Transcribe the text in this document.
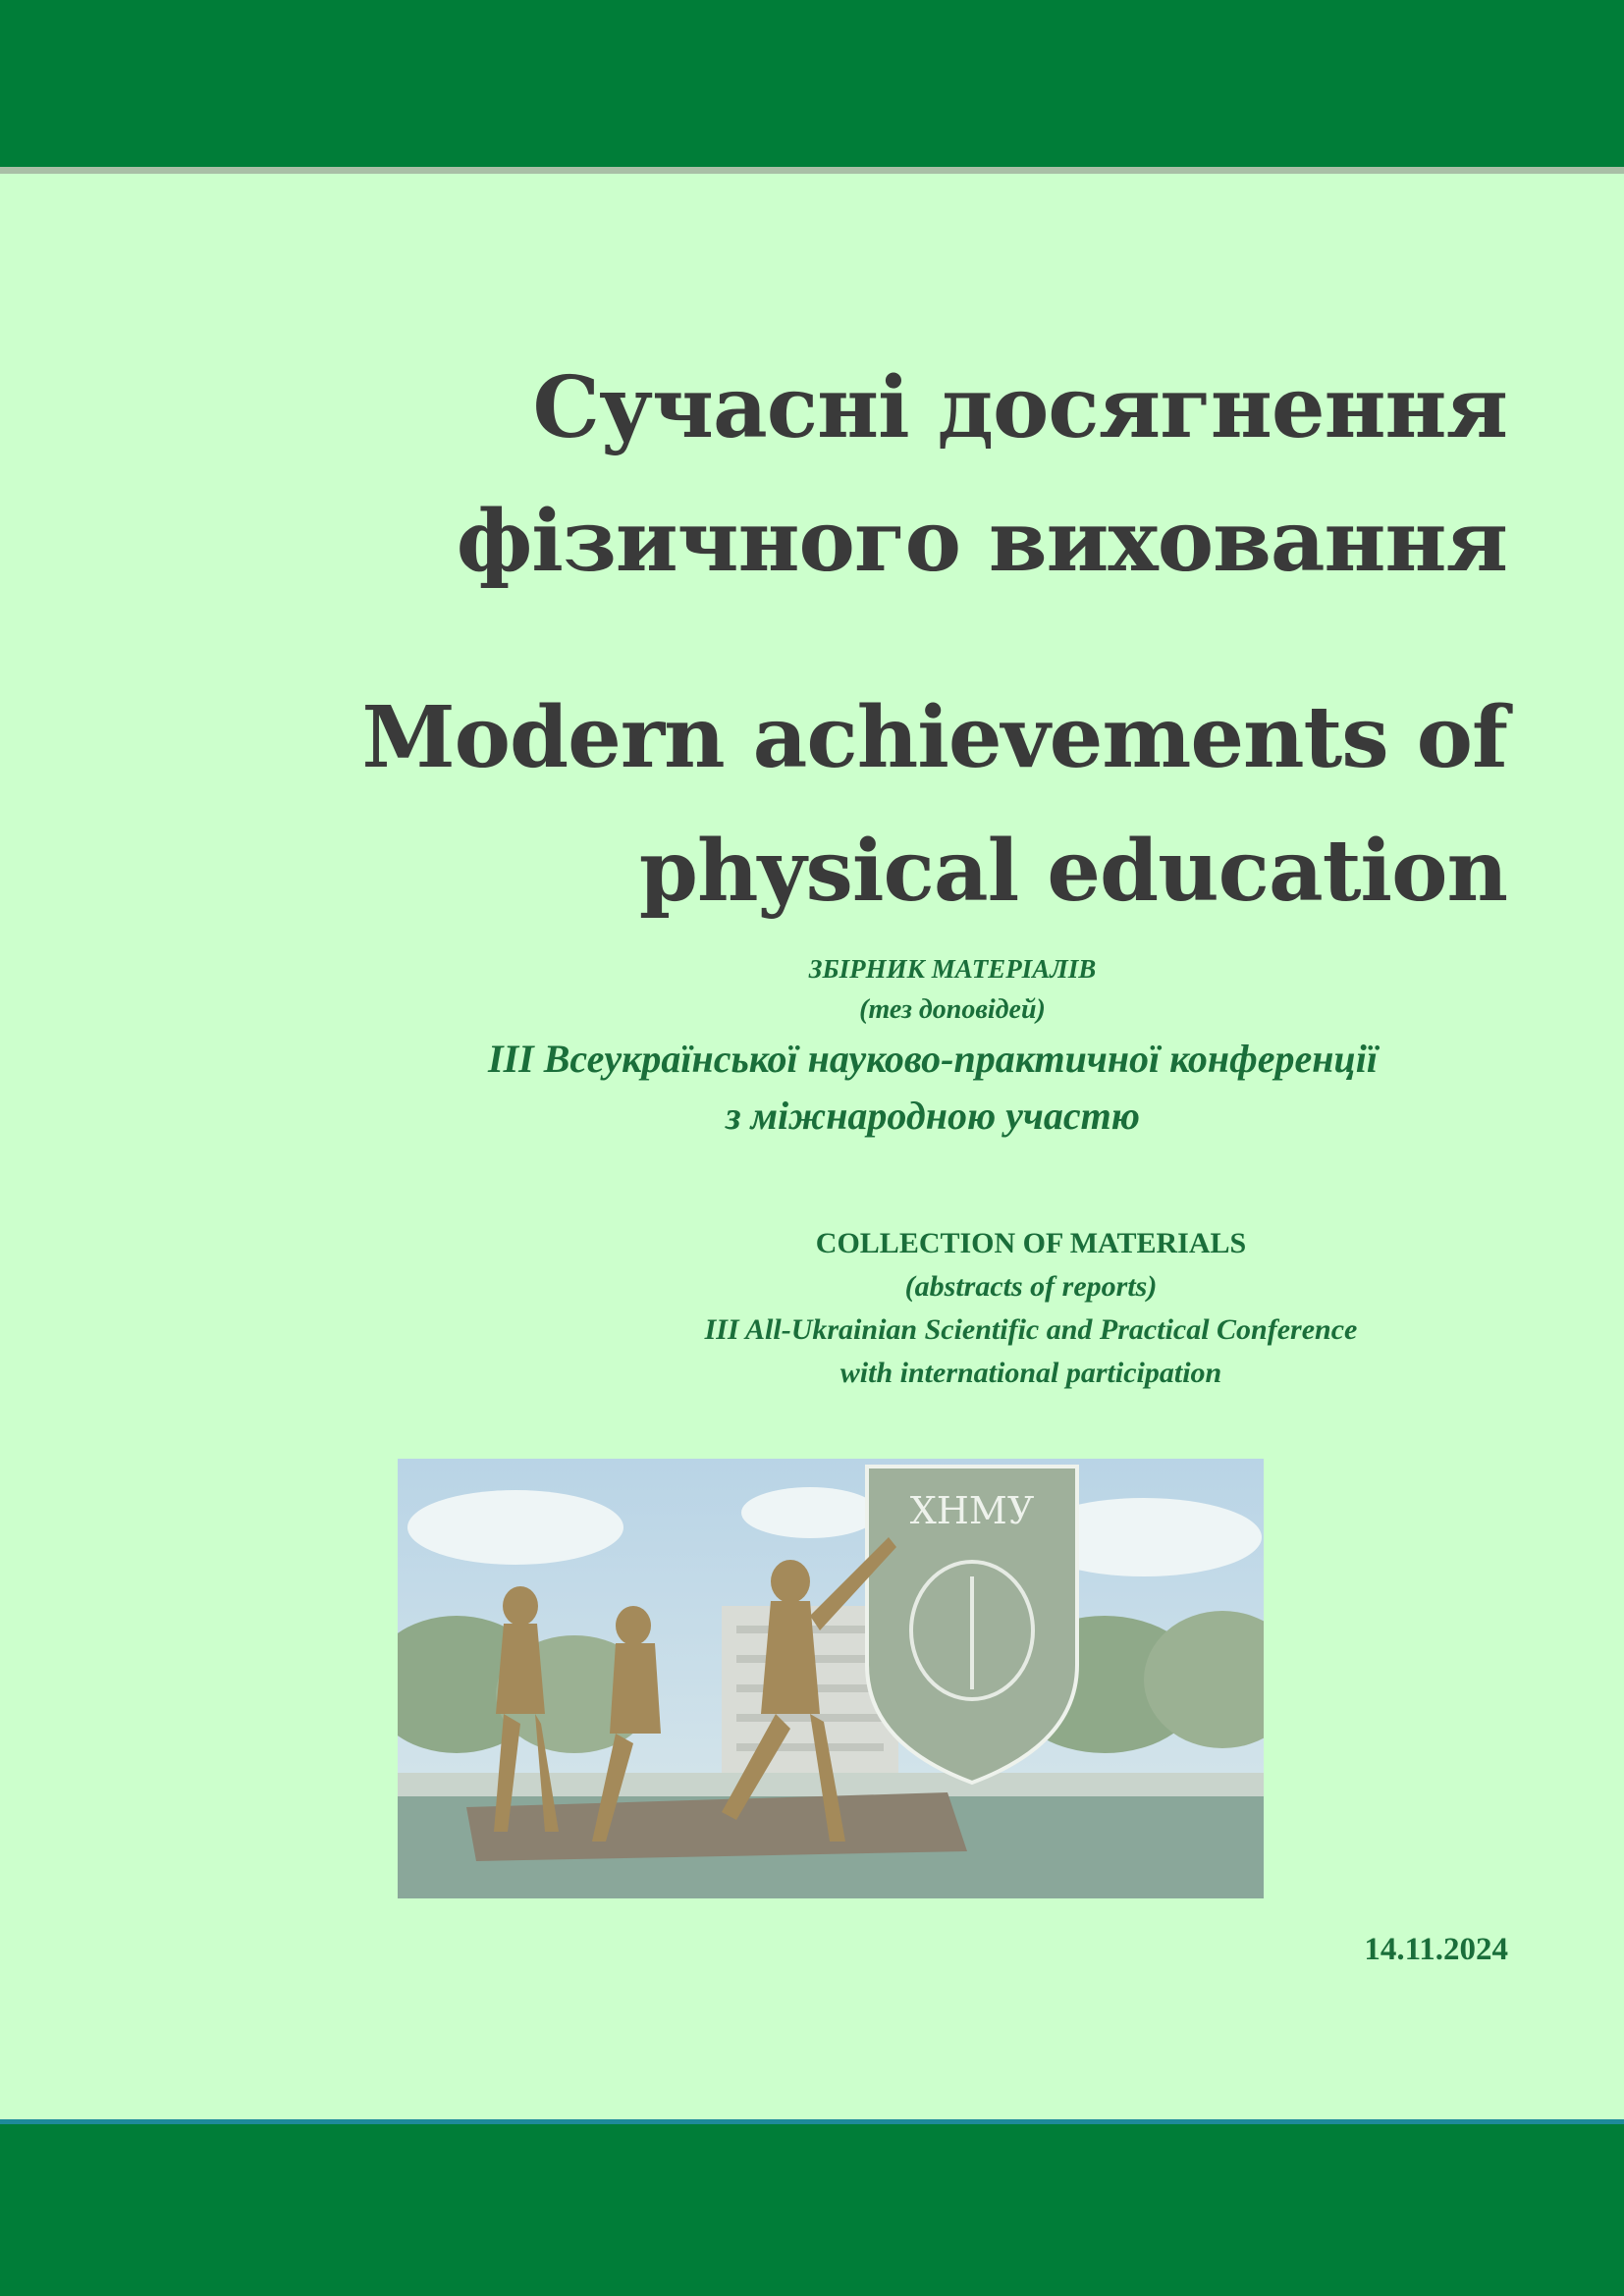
Сучасні досягнення
фізичного виховання
Modern achievements of
physical education
ЗБІРНИК МАТЕРІАЛІВ
(тез доповідей)
ІІІ Всеукраїнської науково-практичної конференції
з міжнародною участю
COLLECTION OF MATERIALS
(abstracts of reports)
III All-Ukrainian Scientific and Practical Conference
with international participation
ХНМУ
14.11.2024
